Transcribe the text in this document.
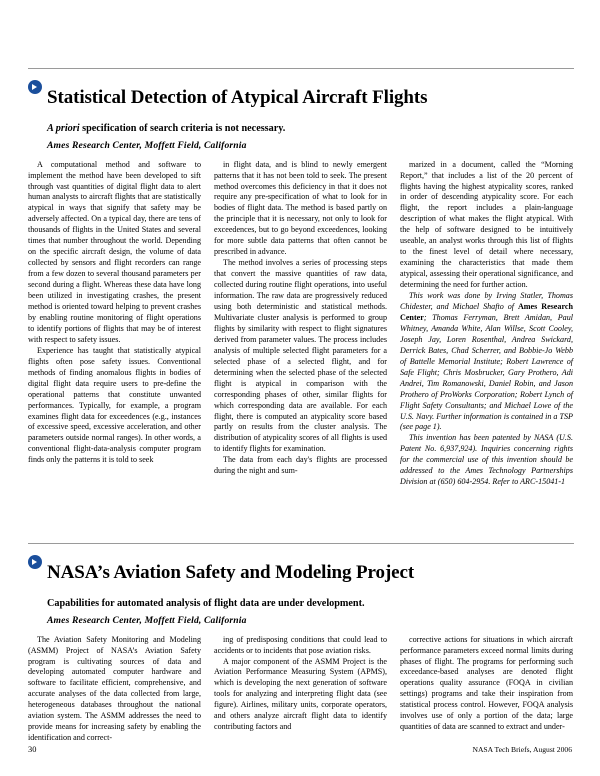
Statistical Detection of Atypical Aircraft Flights
A priori specification of search criteria is not necessary.
Ames Research Center, Moffett Field, California

A computational method and software to implement the method have been developed to sift through vast quantities of digital flight data to alert human analysts to aircraft flights that are statistically atypical in ways that signify that safety may be adversely affected. On a typical day, there are tens of thousands of flights in the United States and several times that number throughout the world. Depending on the specific aircraft design, the volume of data collected by sensors and flight recorders can range from a few dozen to several thousand parameters per second during a flight. Whereas these data have long been utilized in investigating crashes, the present method is oriented toward helping to prevent crashes by enabling routine monitoring of flight operations to identify portions of flights that may be of interest with respect to safety issues.

Experience has taught that statistically atypical flights often pose safety issues. Conventional methods of finding anomalous flights in bodies of digital flight data require users to pre-define the operational patterns that constitute unwanted performances. Typically, for example, a program examines flight data for exceedences (e.g., instances of excessive speed, excessive acceleration, and other parameters outside normal ranges). In other words, a conventional flight-data-analysis computer program finds only the patterns it is told to seek

in flight data, and is blind to newly emergent patterns that it has not been told to seek. The present method overcomes this deficiency in that it does not require any pre-specification of what to look for in bodies of flight data. The method is based partly on the principle that it is necessary, not only to look for exceedences, but to go beyond exceedences, looking for more subtle data patterns that often cannot be prescribed in advance.

The method involves a series of processing steps that convert the massive quantities of raw data, collected during routine flight operations, into useful information. The raw data are progressively reduced using both deterministic and statistical methods. Multivariate cluster analysis is performed to group flights by similarity with respect to flight signatures derived from parameter values. The process includes analysis of multiple selected flight parameters for a selected phase of a selected flight, and for determining when the selected phase of the selected flight is atypical in comparison with the corresponding phases of other, similar flights for which corresponding data are available. For each flight, there is computed an atypicality score based partly on results from the cluster analysis. The distribution of atypicality scores of all flights is used to identify flights for examination.

The data from each day's flights are processed during the night and sum-

marized in a document, called the “Morning Report,” that includes a list of the 20 percent of flights having the highest atypicality scores, ranked in order of descending atypicality score. For each flight, the report includes a plain-language description of what makes the flight atypical. With the help of software designed to be intuitively useable, an analyst works through this list of flights to the finest level of detail where necessary, examining the characteristics that made them atypical, assessing their operational significance, and determining the need for further action.

This work was done by Irving Statler, Thomas Chidester, and Michael Shafto of Ames Research Center; Thomas Ferryman, Brett Amidan, Paul Whitney, Amanda White, Alan Willse, Scott Cooley, Joseph Jay, Loren Rosenthal, Andrea Swickard, Derrick Bates, Chad Scherrer, and Bobbie-Jo Webb of Battelle Memorial Institute; Robert Lawrence of Safe Flight; Chris Mosbrucker, Gary Prothero, Adi Andrei, Tim Romanowski, Daniel Robin, and Jason Prothero of ProWorks Corporation; Robert Lynch of Flight Safety Consultants; and Michael Lowe of the U.S. Navy. Further information is contained in a TSP (see page 1).

This invention has been patented by NASA (U.S. Patent No. 6,937,924). Inquiries concerning rights for the commercial use of this invention should be addressed to the Ames Technology Partnerships Division at (650) 604-2954. Refer to ARC-15041-1

NASA’s Aviation Safety and Modeling Project
Capabilities for automated analysis of flight data are under development.
Ames Research Center, Moffett Field, California

The Aviation Safety Monitoring and Modeling (ASMM) Project of NASA’s Aviation Safety program is cultivating sources of data and developing automated computer hardware and software to facilitate efficient, comprehensive, and accurate analyses of the data collected from large, heterogeneous databases throughout the national aviation system. The ASMM addresses the need to provide means for increasing safety by enabling the identification and correct-

ing of predisposing conditions that could lead to accidents or to incidents that pose aviation risks.

A major component of the ASMM Project is the Aviation Performance Measuring System (APMS), which is developing the next generation of software tools for analyzing and interpreting flight data (see figure). Airlines, military units, corporate operators, and others analyze aircraft flight data to identify contributing factors and

corrective actions for situations in which aircraft performance parameters exceed normal limits during phases of flight. The programs for performing such exceedance-based analyses are denoted flight operations quality assurance (FOQA in civilian settings) programs and take their inspiration from statistical process control. However, FOQA analysis involves use of only a portion of the data; large quantities of data are scanned to extract and under-

30	NASA Tech Briefs, August 2006
